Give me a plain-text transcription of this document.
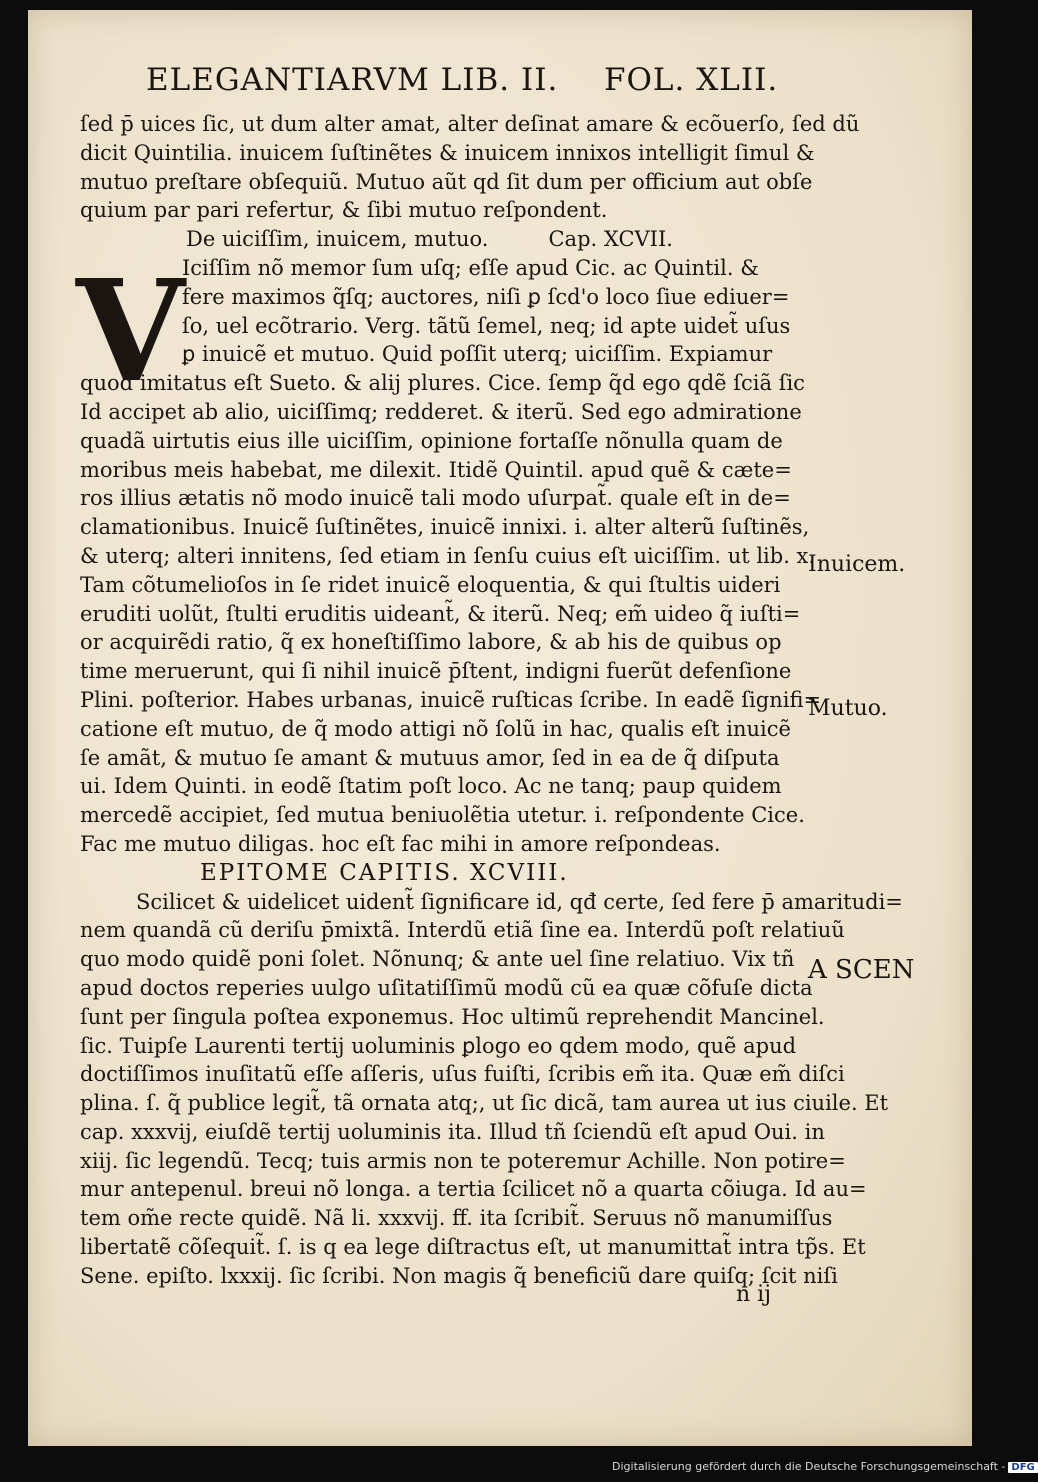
ELEGANTIARVM LIB. II. FOL. XLII.
V
ſed p̄ uices ſic, ut dum alter amat, alter deſinat amare & ecõuerſo, ſed dũ
dicit Quintilia. inuicem ſuſtinẽtes & inuicem innixos intelligit ſimul &
mutuo preſtare obſequiũ. Mutuo aũt qd ſit dum per officium aut obſe
quium par pari refertur, & ſibi mutuo reſpondent.
De uiciſſim, inuicem, mutuo.	Cap. XCVII.
Iciſſim nõ memor ſum uſq; eſſe apud Cic. ac Quintil. &
fere maximos q̃ſq; auctores, niſi ꝑ ſcd'o loco ſiue ediuer=
ſo, uel ecõtrario. Verg. tãtũ ſemel, neq; id apte uidet̃ uſus
ꝑ inuicẽ et mutuo. Quid poſſit uterq; uiciſſim. Expiamur
quod imitatus eſt Sueto. & alij plures. Cice. ſemp q̃d ego qdẽ ſciã ſic
Id accipet ab alio, uiciſſimq; redderet. & iterũ. Sed ego admiratione
quadã uirtutis eius ille uiciſſim, opinione fortaſſe nõnulla quam de
moribus meis habebat, me dilexit. Itidẽ Quintil. apud quẽ & cæte=
ros illius ætatis nõ modo inuicẽ tali modo uſurpat̃. quale eſt in de=
clamationibus. Inuicẽ ſuſtinẽtes, inuicẽ innixi. i. alter alterũ ſuſtinẽs,
& uterq; alteri innitens, ſed etiam in ſenſu cuius eſt uiciſſim. ut lib. x.
Tam cõtumelioſos in ſe ridet inuicẽ eloquentia, & qui ſtultis uideri
eruditi uolũt, ſtulti eruditis uideant̃, & iterũ. Neq; em̃ uideo q̃ iuſti=
or acquirẽdi ratio, q̃ ex honeſtiſſimo labore, & ab his de quibus op
time meruerunt, qui ſi nihil inuicẽ p̄ſtent, indigni fuerũt defenſione
Plini. poſterior. Habes urbanas, inuicẽ ruſticas ſcribe. In eadẽ ſignifi=
catione eſt mutuo, de q̃ modo attigi nõ ſolũ in hac, qualis eſt inuicẽ
ſe amãt, & mutuo ſe amant & mutuus amor, ſed in ea de q̃ diſputa
ui. Idem Quinti. in eodẽ ſtatim poſt loco. Ac ne tanq; paup quidem
mercedẽ accipiet, ſed mutua beniuolẽtia utetur. i. reſpondente Cice.
Fac me mutuo diligas. hoc eſt fac mihi in amore reſpondeas.
EPITOME CAPITIS. XCVIII.
Scilicet & uidelicet uident̃ ſignificare id, qđ certe, ſed fere p̄ amaritudi=
nem quandã cũ deriſu p̄mixtã. Interdũ etiã ſine ea. Interdũ poſt relatiuũ
quo modo quidẽ poni ſolet. Nõnunq; & ante uel ſine relatiuo. Vix tñ
apud doctos reperies uulgo uſitatiſſimũ modũ cũ ea quæ cõfuſe dicta
ſunt per ſingula poſtea exponemus. Hoc ultimũ reprehendit Mancinel.
ſic. Tuipſe Laurenti tertij uoluminis ꝑlogo eo qdem modo, quẽ apud
doctiſſimos inuſitatũ eſſe aſſeris, uſus fuiſti, ſcribis em̃ ita. Quæ em̃ diſci
plina. ſ. q̃ publice legit̃, tã ornata atq;, ut ſic dicã, tam aurea ut ius ciuile. Et
cap. xxxvij, eiuſdẽ tertij uoluminis ita. Illud tñ ſciendũ eſt apud Oui. in
xiij. ſic legendũ. Tecq; tuis armis non te poteremur Achille. Non potire=
mur antepenul. breui nõ longa. a tertia ſcilicet nõ a quarta cõiuga. Id au=
tem om̃e recte quidẽ. Nã li. xxxvij. ff. ita ſcribit̃. Seruus nõ manumiſſus
libertatẽ cõſequit̃. ſ. is q ea lege diſtractus eſt, ut manumittat̃ intra tp̃s. Et
Sene. epiſto. lxxxij. ſic ſcribi. Non magis q̃ beneficiũ dare quiſq; ſcit niſi
Inuicem.
Mutuo.
A SCEN
n ij
Digitalisierung gefördert durch die Deutsche Forschungsgemeinschaft - DFG
